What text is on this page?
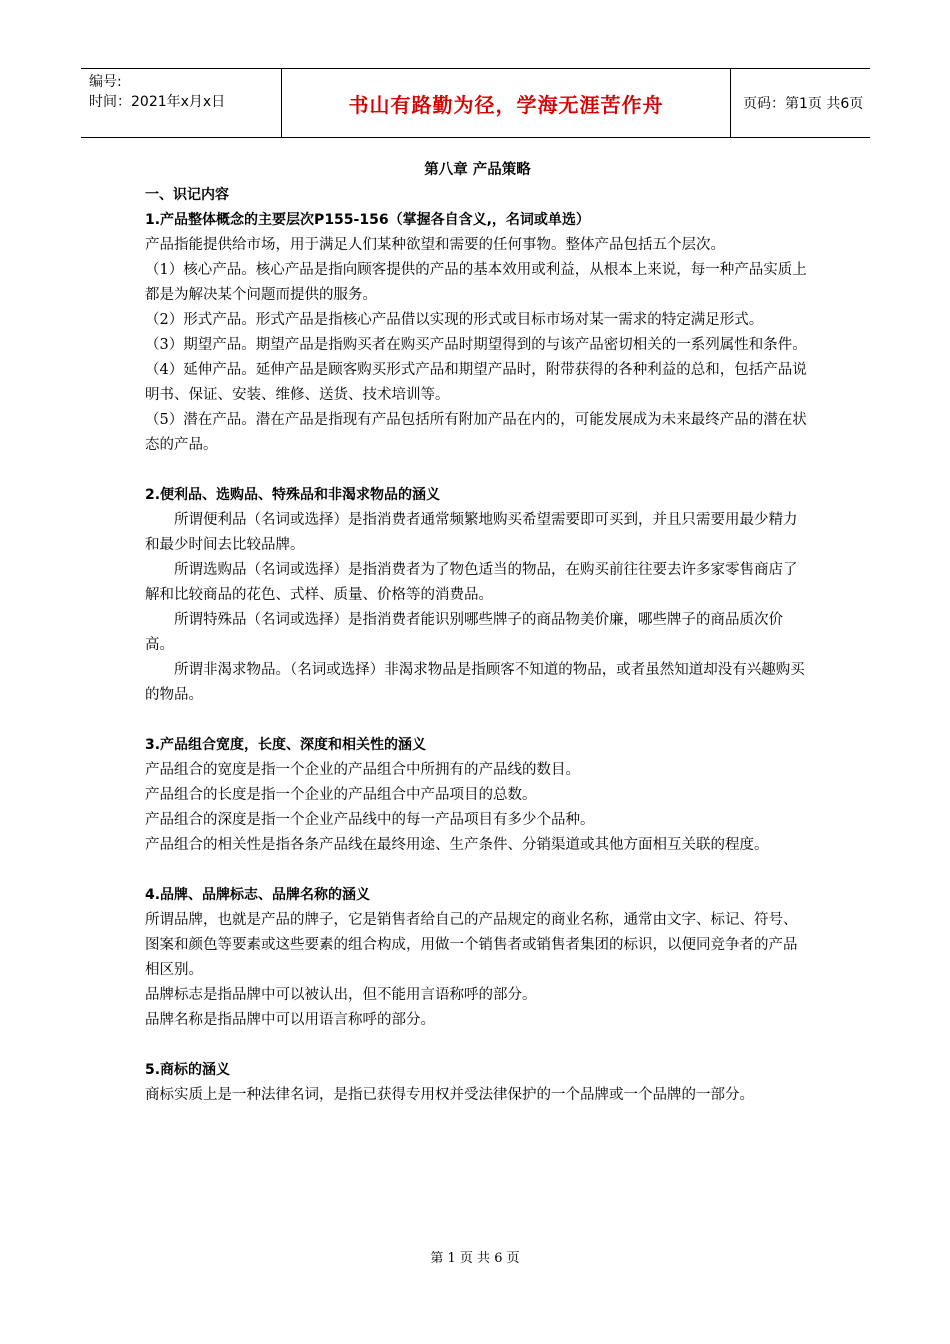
编号:
时间：2021年x月x日	书山有路勤为径，学海无涯苦作舟	页码：第1页 共6页
第八章 产品策略
一、识记内容
1.产品整体概念的主要层次P155-156（掌握各自含义,，名词或单选）

产品指能提供给市场，用于满足人们某种欲望和需要的任何事物。整体产品包括五个层次。

（1）核心产品。核心产品是指向顾客提供的产品的基本效用或利益，从根本上来说，每一种产品实质上都是为解决某个问题而提供的服务。

（2）形式产品。形式产品是指核心产品借以实现的形式或目标市场对某一需求的特定满足形式。

（3）期望产品。期望产品是指购买者在购买产品时期望得到的与该产品密切相关的一系列属性和条件。

（4）延伸产品。延伸产品是顾客购买形式产品和期望产品时，附带获得的各种利益的总和，包括产品说明书、保证、安装、维修、送货、技术培训等。

（5）潜在产品。潜在产品是指现有产品包括所有附加产品在内的，可能发展成为未来最终产品的潜在状态的产品。

2.便利品、选购品、特殊品和非渴求物品的涵义

所谓便利品（名词或选择）是指消费者通常频繁地购买希望需要即可买到，并且只需要用最少精力和最少时间去比较品牌。

所谓选购品（名词或选择）是指消费者为了物色适当的物品，在购买前往往要去许多家零售商店了解和比较商品的花色、式样、质量、价格等的消费品。

所谓特殊品（名词或选择）是指消费者能识别哪些牌子的商品物美价廉，哪些牌子的商品质次价高。

所谓非渴求物品。（名词或选择）非渴求物品是指顾客不知道的物品，或者虽然知道却没有兴趣购买的物品。

3.产品组合宽度，长度、深度和相关性的涵义

产品组合的宽度是指一个企业的产品组合中所拥有的产品线的数目。

产品组合的长度是指一个企业的产品组合中产品项目的总数。

产品组合的深度是指一个企业产品线中的每一产品项目有多少个品种。

产品组合的相关性是指各条产品线在最终用途、生产条件、分销渠道或其他方面相互关联的程度。

4.品牌、品牌标志、品牌名称的涵义

所谓品牌，也就是产品的牌子，它是销售者给自己的产品规定的商业名称，通常由文字、标记、符号、图案和颜色等要素或这些要素的组合构成，用做一个销售者或销售者集团的标识，以便同竞争者的产品相区别。

品牌标志是指品牌中可以被认出，但不能用言语称呼的部分。

品牌名称是指品牌中可以用语言称呼的部分。

5.商标的涵义

商标实质上是一种法律名词，是指已获得专用权并受法律保护的一个品牌或一个品牌的一部分。

第 1 页 共 6 页
